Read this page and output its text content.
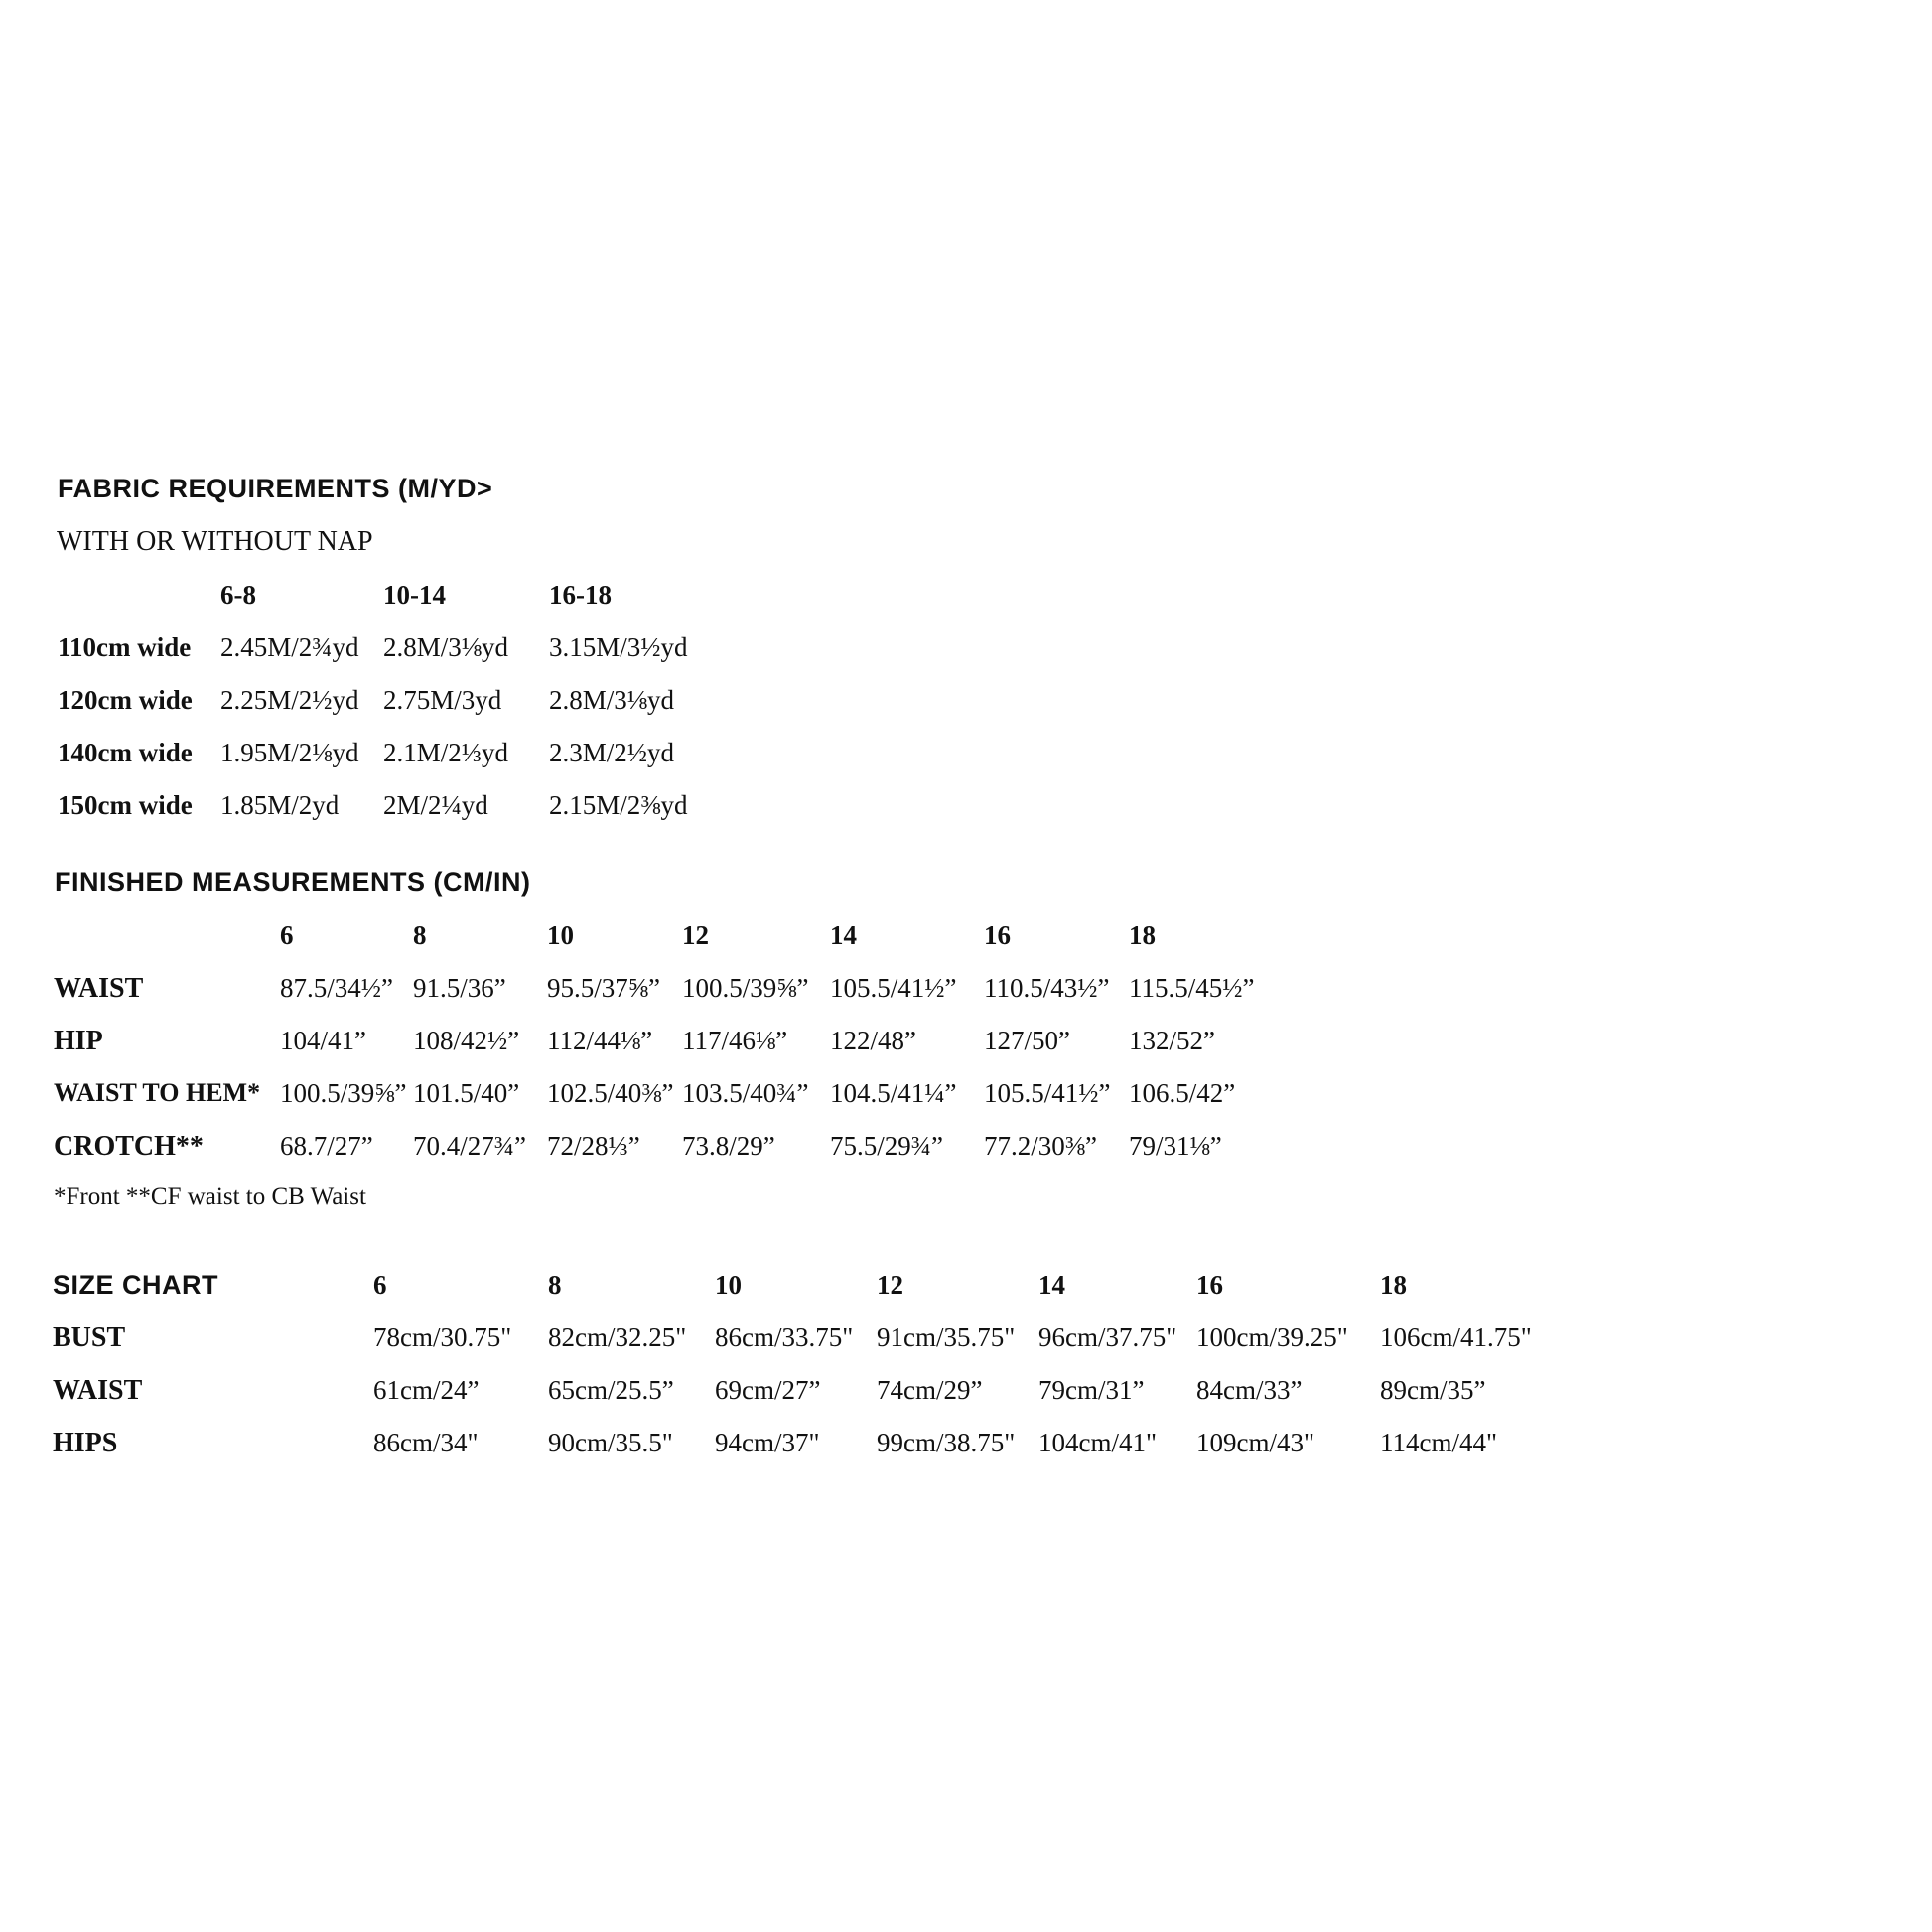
FABRIC REQUIREMENTS (M/YD>
WITH OR WITHOUT NAP
6-8	10-14	16-18
110cm wide 2.45M/2¾yd 2.8M/3⅛yd 3.15M/3½yd
120cm wide 2.25M/2½yd 2.75M/3yd 2.8M/3⅛yd
140cm wide 1.95M/2⅛yd 2.1M/2⅓yd 2.3M/2½yd
150cm wide 1.85M/2yd 2M/2¼yd 2.15M/2⅜yd
FINISHED MEASUREMENTS (CM/IN)
6	8	10	12	14	16	18
WAIST	87.5/34½” 91.5/36” 95.5/37⅝” 100.5/39⅝” 105.5/41½” 110.5/43½” 115.5/45½”
HIP	104/41” 108/42½” 112/44⅛” 117/46⅛” 122/48”	127/50” 132/52”
WAIST TO HEM* 100.5/39⅝” 101.5/40” 102.5/40⅜” 103.5/40¾” 104.5/41¼” 105.5/41½” 106.5/42”
CROTCH**	68.7/27” 70.4/27¾” 72/28⅓” 73.8/29” 75.5/29¾” 77.2/30⅜” 79/31⅛”
*Front **CF waist to CB Waist
SIZE CHART	6	8	10	12	14	16	18
BUST	78cm/30.75" 82cm/32.25" 86cm/33.75" 91cm/35.75" 96cm/37.75" 100cm/39.25" 106cm/41.75"
WAIST	61cm/24”	65cm/25.5” 69cm/27” 74cm/29” 79cm/31” 84cm/33”	89cm/35”
HIPS	86cm/34"	90cm/35.5" 94cm/37" 99cm/38.75" 104cm/41" 109cm/43" 114cm/44"
